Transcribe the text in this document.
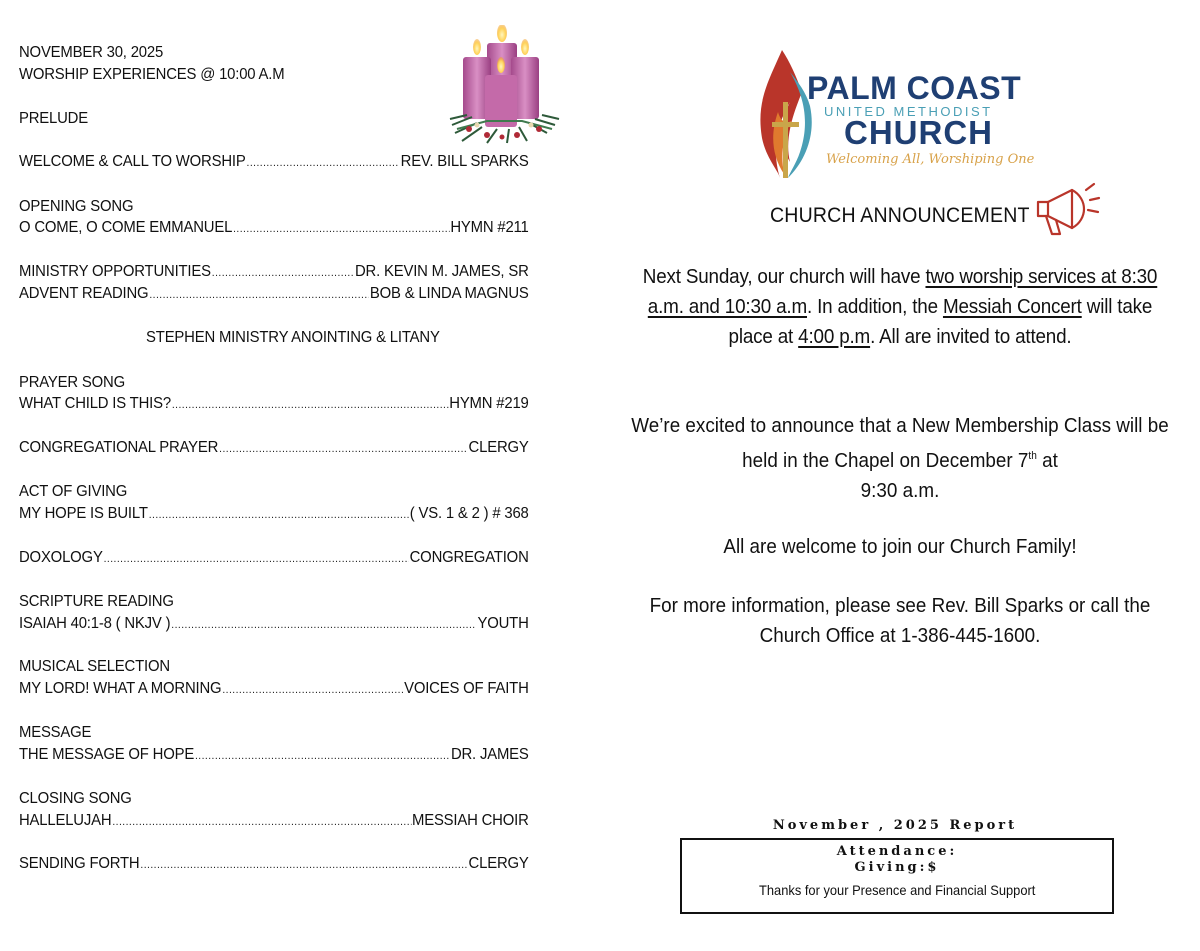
NOVEMBER 30, 2025
WORSHIP EXPERIENCES @ 10:00 A.M
PRELUDE
WELCOME & CALL TO WORSHIP .....	REV. BILL SPARKS
OPENING SONG
O COME, O COME EMMANUEL .....	HYMN #211
MINISTRY OPPORTUNITIES .....	DR. KEVIN M. JAMES, SR
ADVENT READING .....	BOB & LINDA MAGNUS
STEPHEN MINISTRY ANOINTING & LITANY
PRAYER SONG
WHAT CHILD IS THIS? .....	HYMN #219
CONGREGATIONAL PRAYER .....	CLERGY
ACT OF GIVING
MY HOPE IS BUILT .....	( VS. 1 & 2 ) # 368
DOXOLOGY .....	CONGREGATION
SCRIPTURE READING
ISAIAH 40:1-8 ( NKJV ) .....	YOUTH
MUSICAL SELECTION
MY LORD! WHAT A MORNING .....	VOICES OF FAITH
MESSAGE
THE MESSAGE OF HOPE .....	DR. JAMES
CLOSING SONG
HALLELUJAH .....	MESSIAH CHOIR
SENDING FORTH .....	CLERGY
PALM COAST
UNITED METHODIST
CHURCH
Welcoming All, Worshiping One
CHURCH ANNOUNCEMENT
Next Sunday, our church will have two worship services at 8:30 a.m. and 10:30 a.m. In addition, the Messiah Concert will take place at 4:00 p.m. All are invited to attend.
We’re excited to announce that a New Membership Class will be held in the Chapel on December 7th at
9:30 a.m.
All are welcome to join our Church Family!
For more information, please see Rev. Bill Sparks or call the Church Office at 1-386-445-1600.
November , 2025 Report
Attendance:
Giving:$
Thanks for your Presence and Financial Support
